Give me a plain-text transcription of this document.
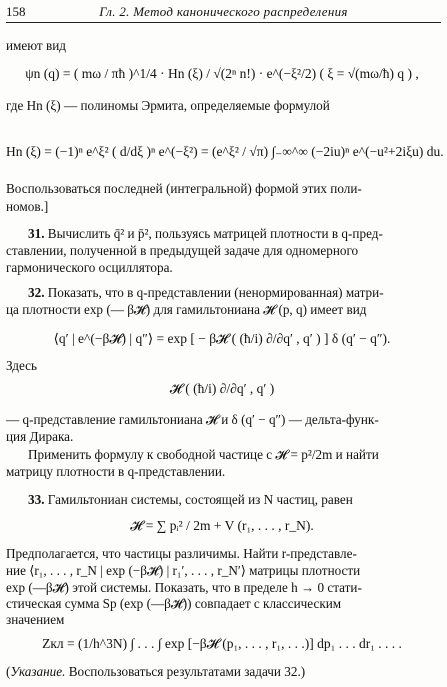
158	Гл. 2. Метод канонического распределения
имеют вид
ψn (q) = ( mω / πħ )^1/4 · Hn (ξ) / √(2ⁿ n!) · e^(−ξ²/2) ( ξ = √(mω/ħ) q ) ,
где Hn (ξ) — полиномы Эрмита, определяемые формулой
Hn (ξ) = (−1)ⁿ e^ξ² ( d/dξ )ⁿ e^(−ξ²) = (e^ξ² / √π) ∫₋∞^∞ (−2iu)ⁿ e^(−u²+2iξu) du.
Воспользоваться последней (интегральной) формой этих поли-
номов.]
31. Вычислить q̄² и p̄², пользуясь матрицей плотности в q-пред-
ставлении, полученной в предыдущей задаче для одномерного
гармонического осциллятора.
32. Показать, что в q-представлении (ненормированная) матри-
ца плотности exp (— β𝓗) для гамильтониана 𝓗 (p, q) имеет вид
⟨q′ | e^(−β𝓗) | q″⟩ = exp [ − β𝓗 ( (ħ/i) ∂/∂q′ , q′ ) ] δ (q′ − q″).
Здесь
𝓗 ( (ħ/i) ∂/∂q′ , q′ )
— q-представление гамильтониана 𝓗 и δ (q′ − q″) — дельта-функ-
ция Дирака.
Применить формулу к свободной частице с 𝓗 = p²/2m и найти
матрицу плотности в q-представлении.
33. Гамильтониан системы, состоящей из N частиц, равен
𝓗 = ∑ pᵢ² / 2m + V (r₁, . . . , r_N).
Предполагается, что частицы различимы. Найти r-представле-
ние ⟨r₁, . . . , r_N | exp (−β𝓗) | r₁′, . . . , r_N′⟩ матрицы плотности
exp (—β𝓗) этой системы. Показать, что в пределе h → 0 стати-
стическая сумма Sp (exp (—β𝓗)) совпадает с классическим
значением
Zкл = (1/h^3N) ∫ . . . ∫ exp [−β𝓗 (p₁, . . . , r₁, . . .)] dp₁ . . . dr₁ . . . .
(Указание. Воспользоваться результатами задачи 32.)
